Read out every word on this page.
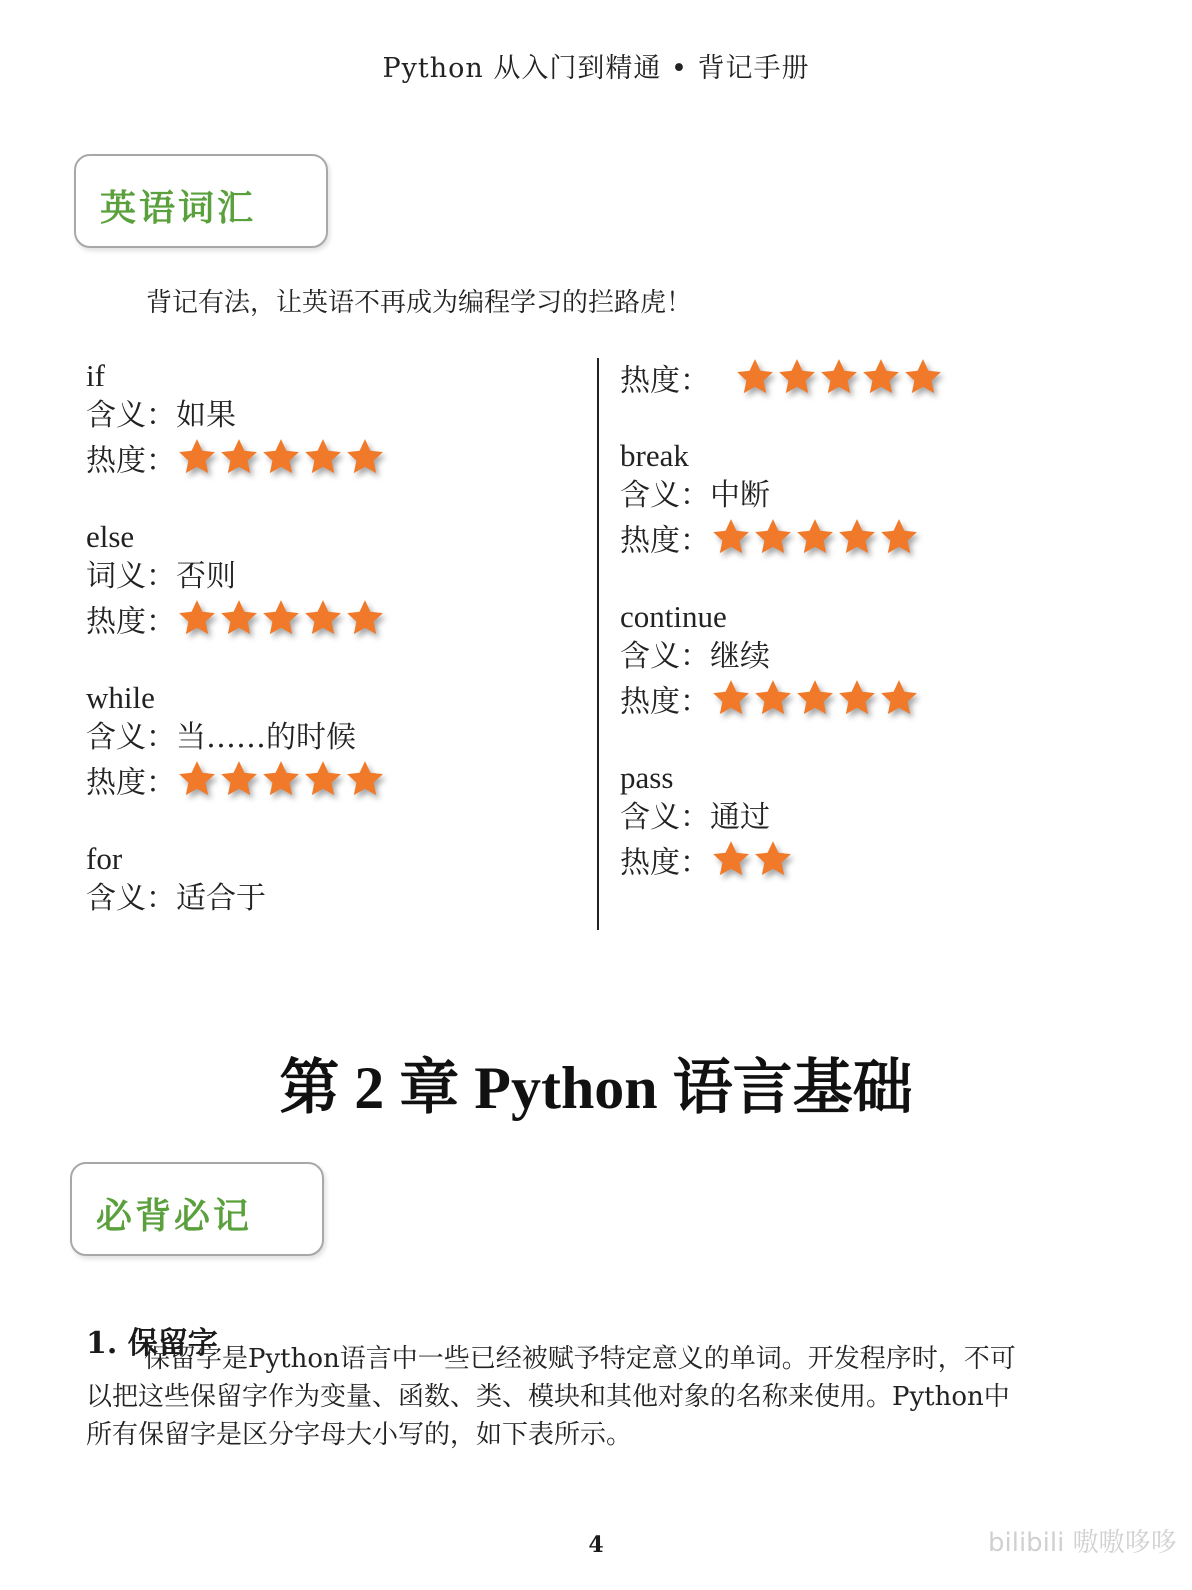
Python 从入门到精通 • 背记手册
英语词汇
背记有法，让英语不再成为编程学习的拦路虎！
if
含义：如果
热度：
else
词义：否则
热度：
while
含义：当……的时候
热度：
for
含义：适合于
热度：
break
含义：中断
热度：
continue
含义：继续
热度：
pass
含义：通过
热度：
第 2 章 Python 语言基础
必背必记
1. 保留字
保留字是Python语言中一些已经被赋予特定意义的单词。开发程序时，不可
以把这些保留字作为变量、函数、类、模块和其他对象的名称来使用。Python中
所有保留字是区分字母大小写的，如下表所示。
4	bilibili 嗷嗷哆哆
